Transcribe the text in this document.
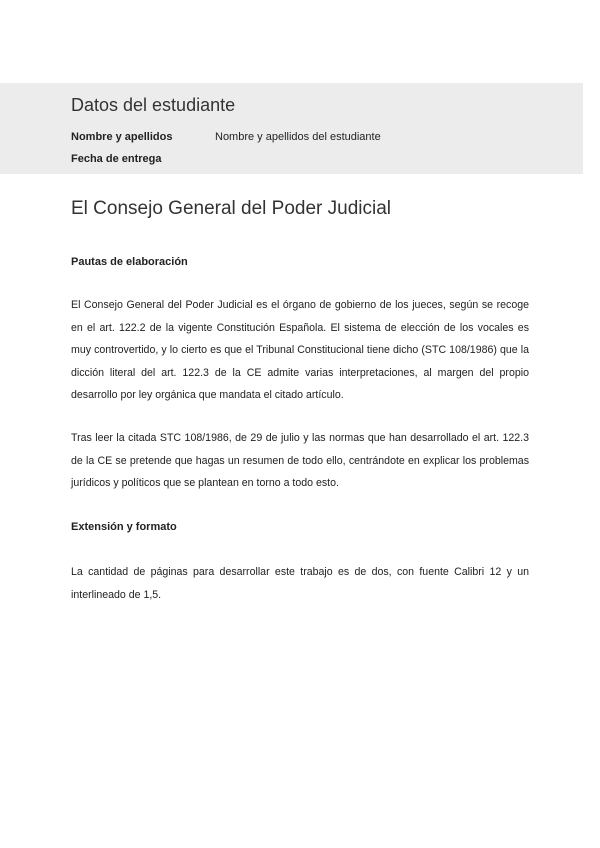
Datos del estudiante
Nombre y apellidos	Nombre y apellidos del estudiante
Fecha de entrega
El Consejo General del Poder Judicial
Pautas de elaboración

El Consejo General del Poder Judicial es el órgano de gobierno de los jueces, según se recoge en el art. 122.2 de la vigente Constitución Española. El sistema de elección de los vocales es muy controvertido, y lo cierto es que el Tribunal Constitucional tiene dicho (STC 108/1986) que la dicción literal del art. 122.3 de la CE admite varias interpretaciones, al margen del propio desarrollo por ley orgánica que mandata el citado artículo.

Tras leer la citada STC 108/1986, de 29 de julio y las normas que han desarrollado el art. 122.3 de la CE se pretende que hagas un resumen de todo ello, centrándote en explicar los problemas jurídicos y políticos que se plantean en torno a todo esto.

Extensión y formato

La cantidad de páginas para desarrollar este trabajo es de dos, con fuente Calibri 12 y un interlineado de 1,5.
